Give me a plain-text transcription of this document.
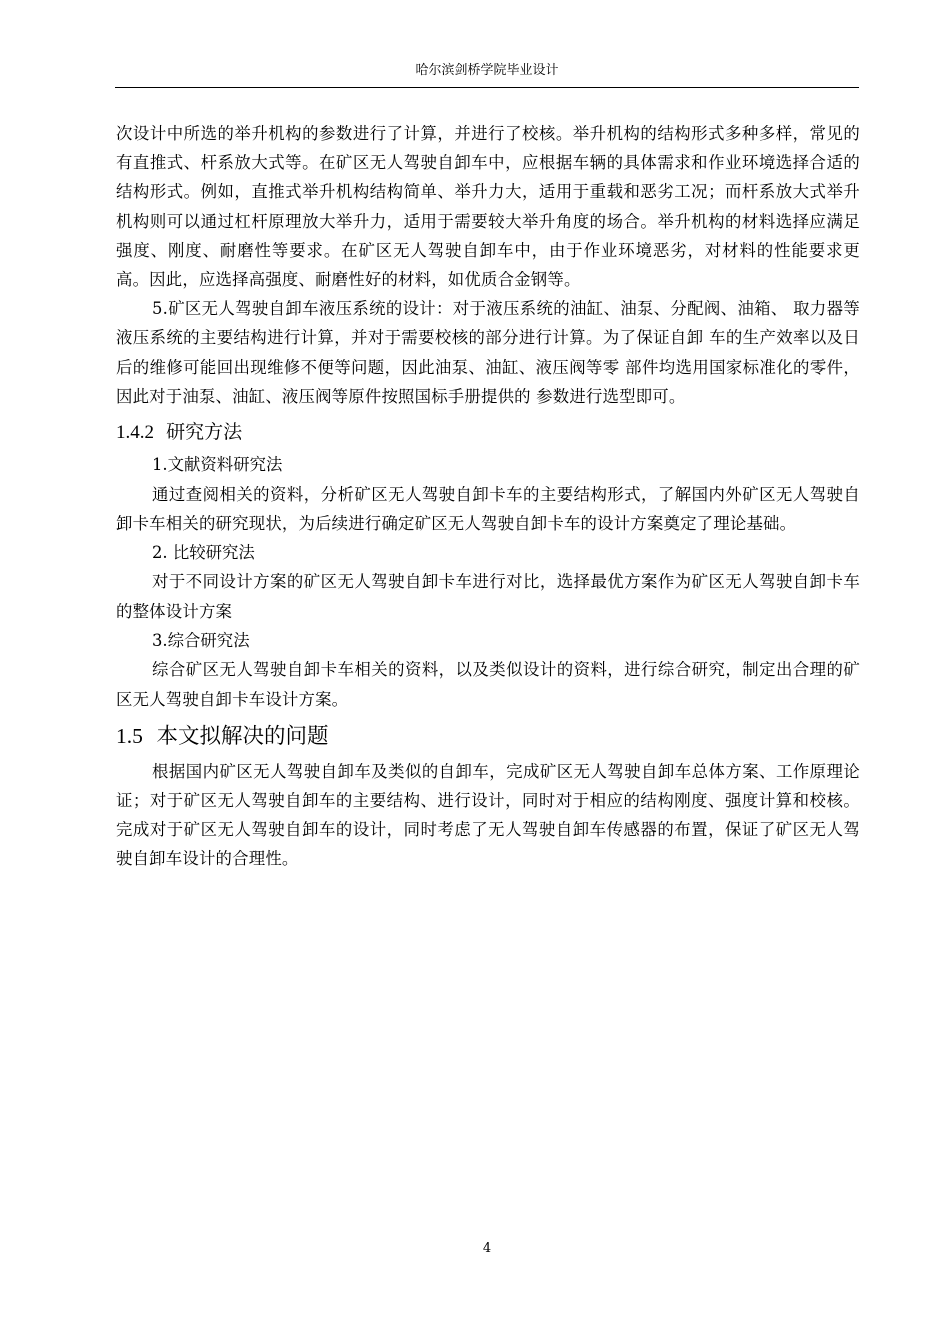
哈尔滨剑桥学院毕业设计

次设计中所选的举升机构的参数进行了计算，并进行了校核。举升机构的结构形式多种多样，常见的有直推式、杆系放大式等。在矿区无人驾驶自卸车中，应根据车辆的具体需求和作业环境选择合适的结构形式。例如，直推式举升机构结构简单、举升力大，适用于重载和恶劣工况；而杆系放大式举升机构则可以通过杠杆原理放大举升力，适用于需要较大举升角度的场合。举升机构的材料选择应满足强度、刚度、耐磨性等要求。在矿区无人驾驶自卸车中，由于作业环境恶劣，对材料的性能要求更高。因此，应选择高强度、耐磨性好的材料，如优质合金钢等。

5.矿区无人驾驶自卸车液压系统的设计：对于液压系统的油缸、油泵、分配阀、油箱、 取力器等液压系统的主要结构进行计算，并对于需要校核的部分进行计算。为了保证自卸 车的生产效率以及日后的维修可能回出现维修不便等问题，因此油泵、油缸、液压阀等零 部件均选用国家标准化的零件，因此对于油泵、油缸、液压阀等原件按照国标手册提供的 参数进行选型即可。

1.4.2 研究方法

1.文献资料研究法

通过查阅相关的资料，分析矿区无人驾驶自卸卡车的主要结构形式，了解国内外矿区无人驾驶自卸卡车相关的研究现状，为后续进行确定矿区无人驾驶自卸卡车的设计方案奠定了理论基础。

2. 比较研究法

对于不同设计方案的矿区无人驾驶自卸卡车进行对比，选择最优方案作为矿区无人驾驶自卸卡车的整体设计方案

3.综合研究法

综合矿区无人驾驶自卸卡车相关的资料，以及类似设计的资料，进行综合研究，制定出合理的矿区无人驾驶自卸卡车设计方案。

1.5 本文拟解决的问题

根据国内矿区无人驾驶自卸车及类似的自卸车，完成矿区无人驾驶自卸车总体方案、工作原理论证；对于矿区无人驾驶自卸车的主要结构、进行设计，同时对于相应的结构刚度、强度计算和校核。完成对于矿区无人驾驶自卸车的设计，同时考虑了无人驾驶自卸车传感器的布置，保证了矿区无人驾驶自卸车设计的合理性。

4
